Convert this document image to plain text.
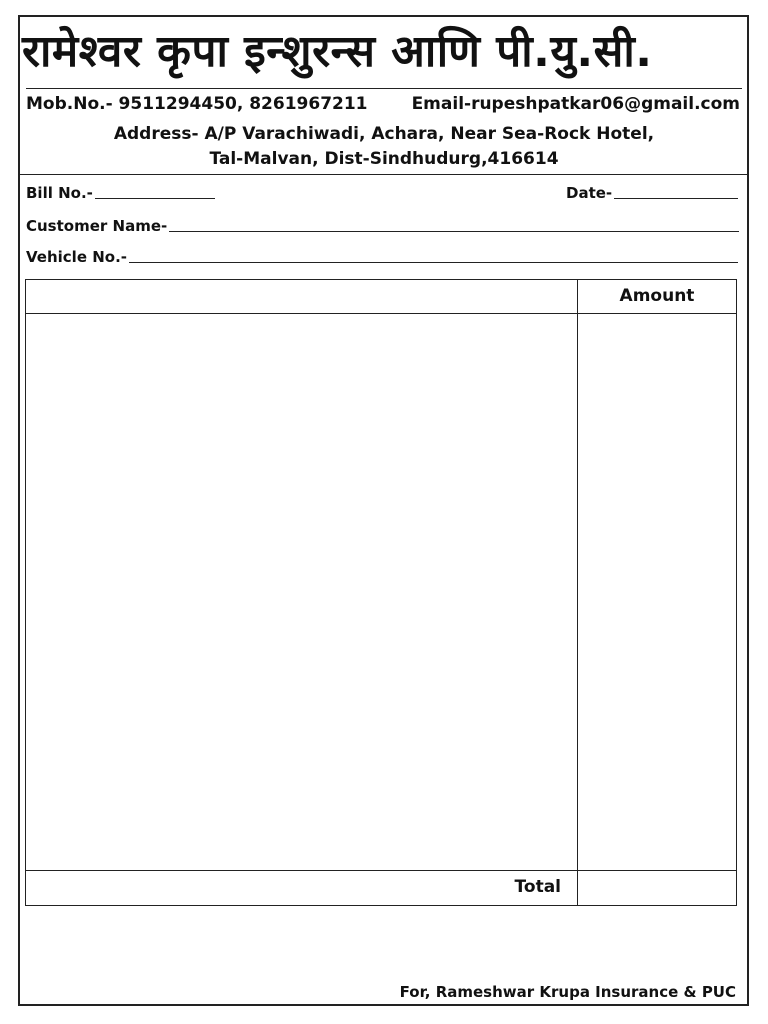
रामेश्वर कृपा इन्शुरन्स आणि पी.यु.सी.
Mob.No.- 9511294450, 8261967211	Email-rupeshpatkar06@gmail.com
Address- A/P Varachiwadi, Achara, Near Sea-Rock Hotel,
Tal-Malvan, Dist-Sindhudurg,416614
Bill No.-	Date-
Customer Name-
Vehicle No.-
Amount
Total
For, Rameshwar Krupa Insurance & PUC
